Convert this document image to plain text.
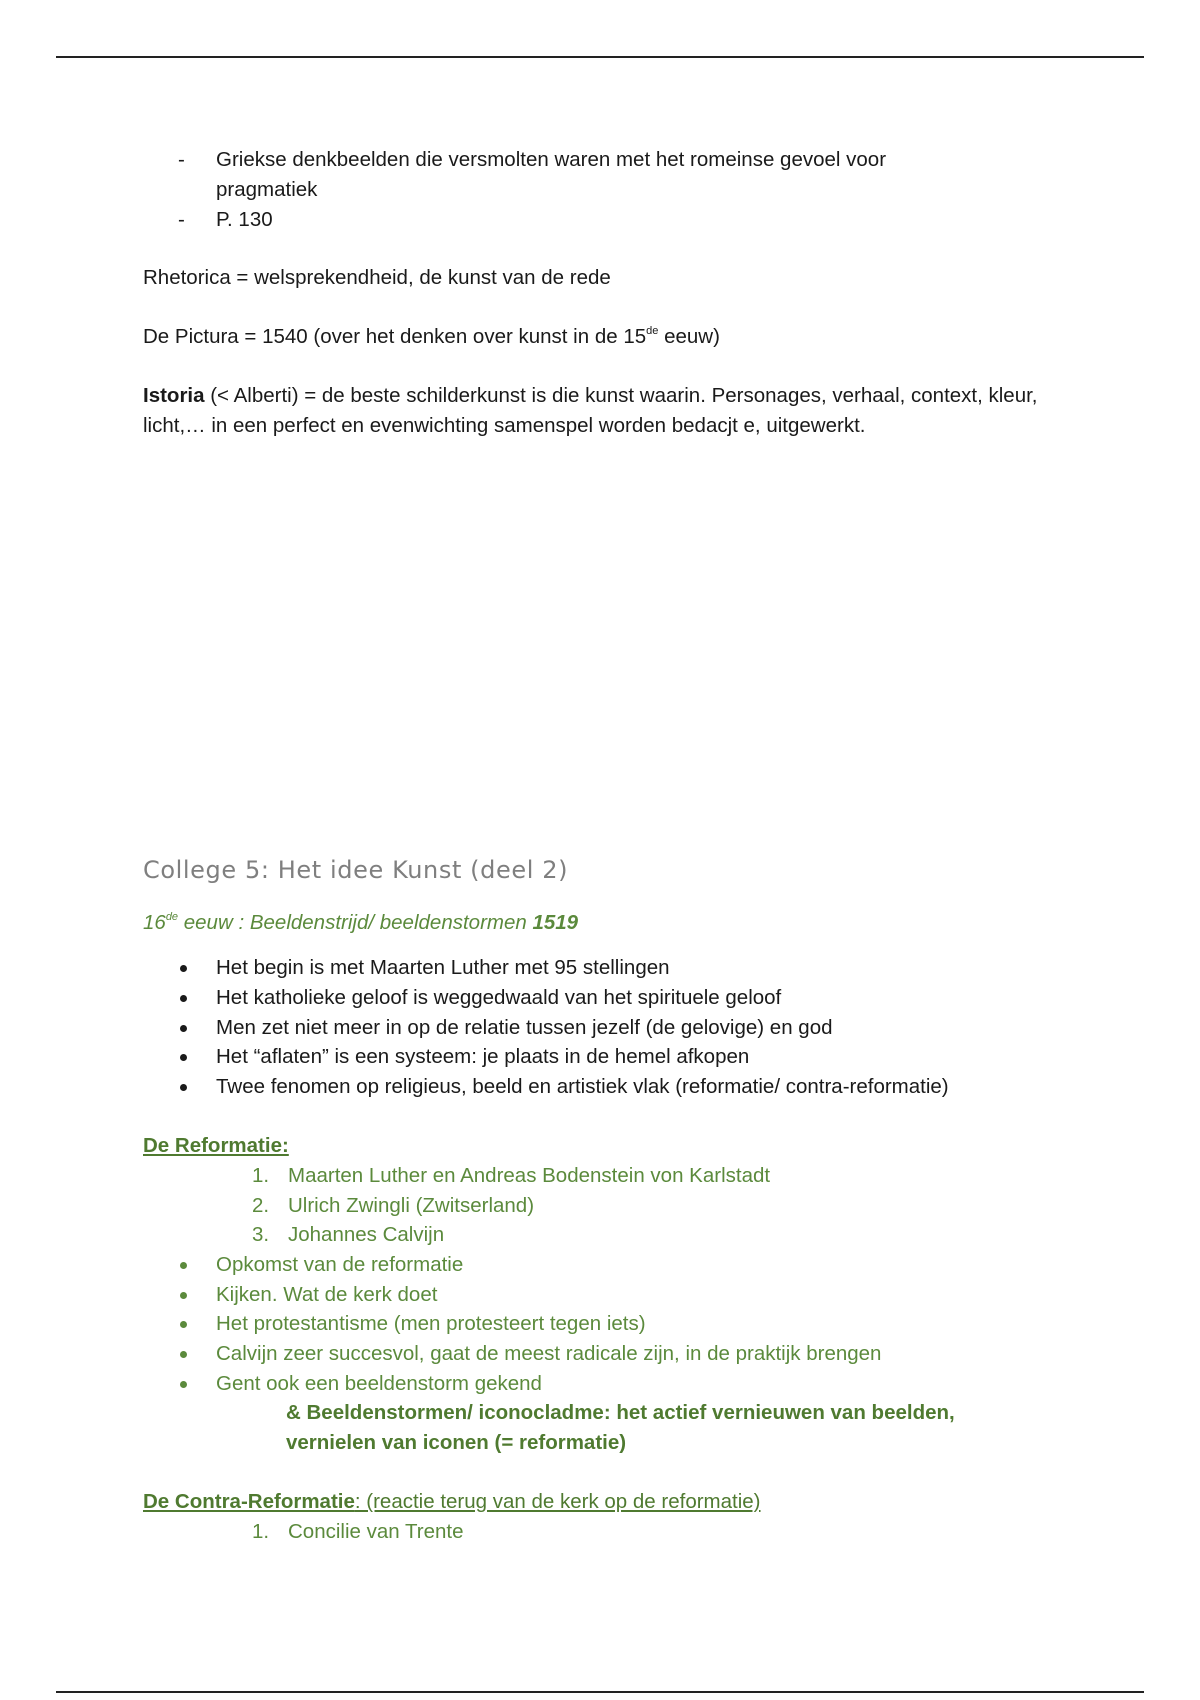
- Griekse denkbeelden die versmolten waren met het romeinse gevoel voor pragmatiek
- P. 130

Rhetorica = welsprekendheid, de kunst van de rede

De Pictura = 1540 (over het denken over kunst in de 15de eeuw)

Istoria (< Alberti) = de beste schilderkunst is die kunst waarin. Personages, verhaal, context, kleur, licht,… in een perfect en evenwichting samenspel worden bedacjt e, uitgewerkt.

College 5: Het idee Kunst (deel 2)

16de eeuw : Beeldenstrijd/ beeldenstormen 1519

Het begin is met Maarten Luther met 95 stellingen
Het katholieke geloof is weggedwaald van het spirituele geloof
Men zet niet meer in op de relatie tussen jezelf (de gelovige) en god
Het “aflaten” is een systeem: je plaats in de hemel afkopen
Twee fenomen op religieus, beeld en artistiek vlak (reformatie/ contra-reformatie)

De Reformatie:

1. Maarten Luther en Andreas Bodenstein von Karlstadt
2. Ulrich Zwingli (Zwitserland)
3. Johannes Calvijn
Opkomst van de reformatie
Kijken. Wat de kerk doet
Het protestantisme (men protesteert tegen iets)
Calvijn zeer succesvol, gaat de meest radicale zijn, in de praktijk brengen
Gent ook een beeldenstorm gekend

& Beeldenstormen/ iconocladme: het actief vernieuwen van beelden, vernielen van iconen (= reformatie)

De Contra-Reformatie: (reactie terug van de kerk op de reformatie)

1. Concilie van Trente
